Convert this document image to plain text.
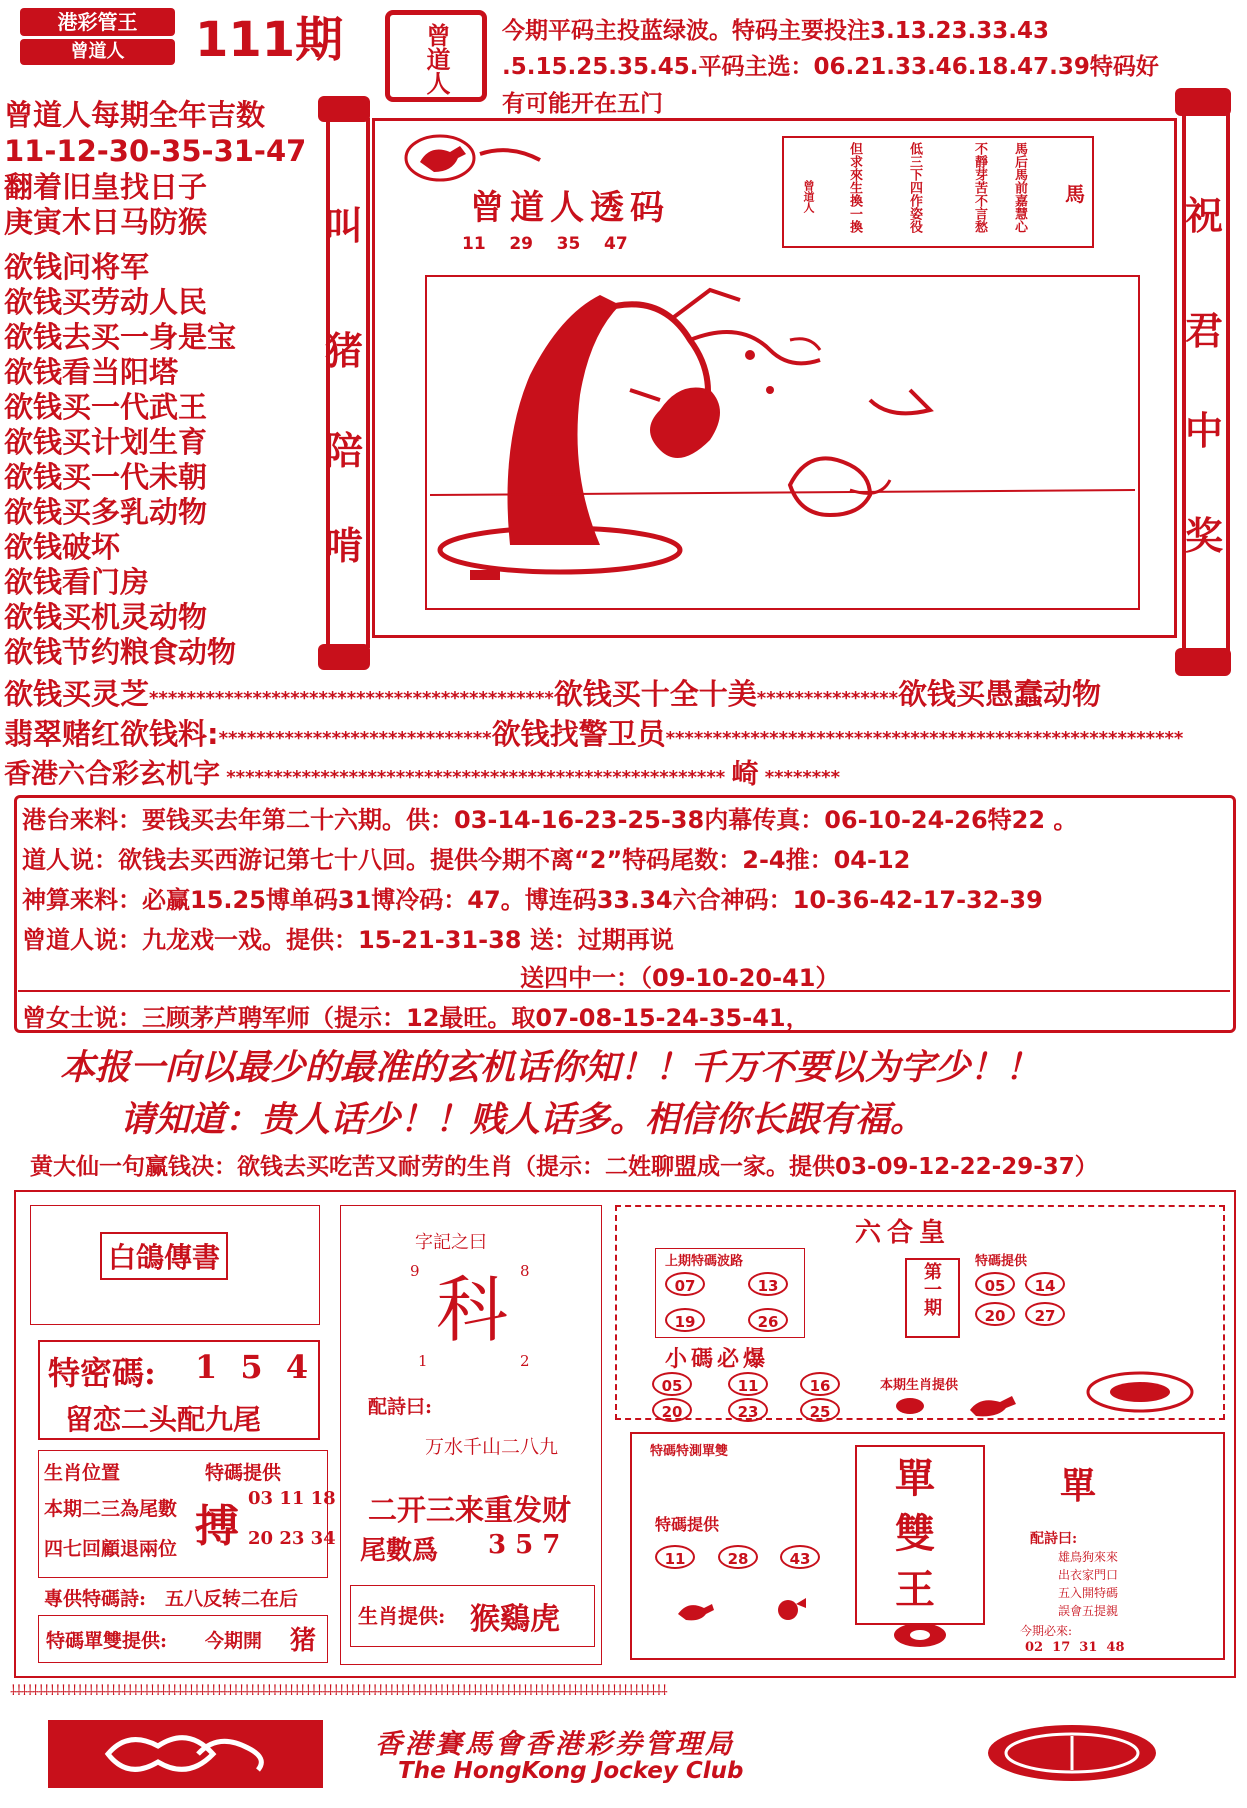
港彩管王
曾道人	111期	曾道人 今期平码主投蓝绿波。特码主要投注3.13.23.33.43
.5.15.25.35.45.平码主选：06.21.33.46.18.47.39特码好
有可能开在五门
曾道人每期全年吉数
11-12-30-35-31-47
翻着旧皇找日子
庚寅木日马防猴
欲钱问将军
欲钱买劳动人民
欲钱去买一身是宝
欲钱看当阳塔
欲钱买一代武王
欲钱买计划生育
欲钱买一代未朝
欲钱买多乳动物
欲钱破坏
欲钱看门房
欲钱买机灵动物
欲钱节约粮食动物
叫
猪
陪
啃
祝
君
中
奖
曾道人透码
11    29    35    47
馬
馬后馬前嘉慧心
不靜芽苦不言愁
低三下四作姿役
但求來生換一換
曾道人
欲钱买灵芝*******************************************欲钱买十全十美***************欲钱买愚蠢动物
翡翠赌红欲钱料:*****************************欲钱找警卫员*******************************************************
香港六合彩玄机字 ***************************************************** 崎 ********
港台来料：要钱买去年第二十六期。供：03-14-16-23-25-38内幕传真：06-10-24-26特22 。
道人说：欲钱去买西游记第七十八回。提供今期不离“2”特码尾数：2-4推：04-12
神算来料：必赢15.25博单码31博冷码：47。博连码33.34六合神码：10-36-42-17-32-39
曾道人说：九龙戏一戏。提供：15-21-31-38 送：过期再说
送四中一：（09-10-20-41）
曾女士说：三顾茅芦聘军师（提示：12最旺。取07-08-15-24-35-41，
本报一向以最少的最准的玄机话你知！！千万不要以为字少！！
请知道：贵人话少！！贱人话多。相信你长跟有福。
黄大仙一句赢钱决：欲钱去买吃苦又耐劳的生肖（提示：二姓聊盟成一家。提供03-09-12-22-29-37）
白鴿傳書
特密碼: 1 5 4
留恋二头配九尾
生肖位置
本期二三為尾數
四七回顧退兩位
特碼提供
搏
03 11 18
20 23 34
專供特碼詩: 五八反转二在后
特碼單雙提供: 今期開 猪
字記之曰
9	8
科
1	2
配詩曰:
万水千山二八九
二开三来重发财
尾數爲 3 5 7
生肖提供: 猴鷄虎
六合皇
上期特碼波路
07	13
19	26
第一期
特碼提供
05	14
20	27
小碼必爆
05	11	16
20	23	25
本期生肖提供
特碼特測單雙
特碼提供
11	28	43
單
雙
王
單
配詩曰:
雄鳥狗來來
出衣家門口
五入開特碼
誤會五提親
今期必來:
02  17  31  48
⸸⸸⸸⸸⸸⸸⸸⸸⸸⸸⸸⸸⸸⸸⸸⸸⸸⸸⸸⸸⸸⸸⸸⸸⸸⸸⸸⸸⸸⸸⸸⸸⸸⸸⸸⸸⸸⸸⸸⸸⸸⸸⸸⸸⸸⸸⸸⸸⸸⸸⸸⸸⸸⸸⸸⸸⸸⸸⸸⸸⸸⸸⸸⸸⸸⸸⸸⸸⸸⸸⸸⸸⸸⸸⸸⸸⸸⸸⸸⸸⸸⸸⸸⸸⸸⸸⸸⸸⸸⸸⸸⸸⸸⸸⸸⸸⸸⸸⸸⸸⸸⸸⸸⸸⸸⸸⸸⸸⸸⸸⸸⸸⸸⸸⸸⸸⸸⸸
香港賽馬會香港彩券管理局
The HongKong Jockey Club
